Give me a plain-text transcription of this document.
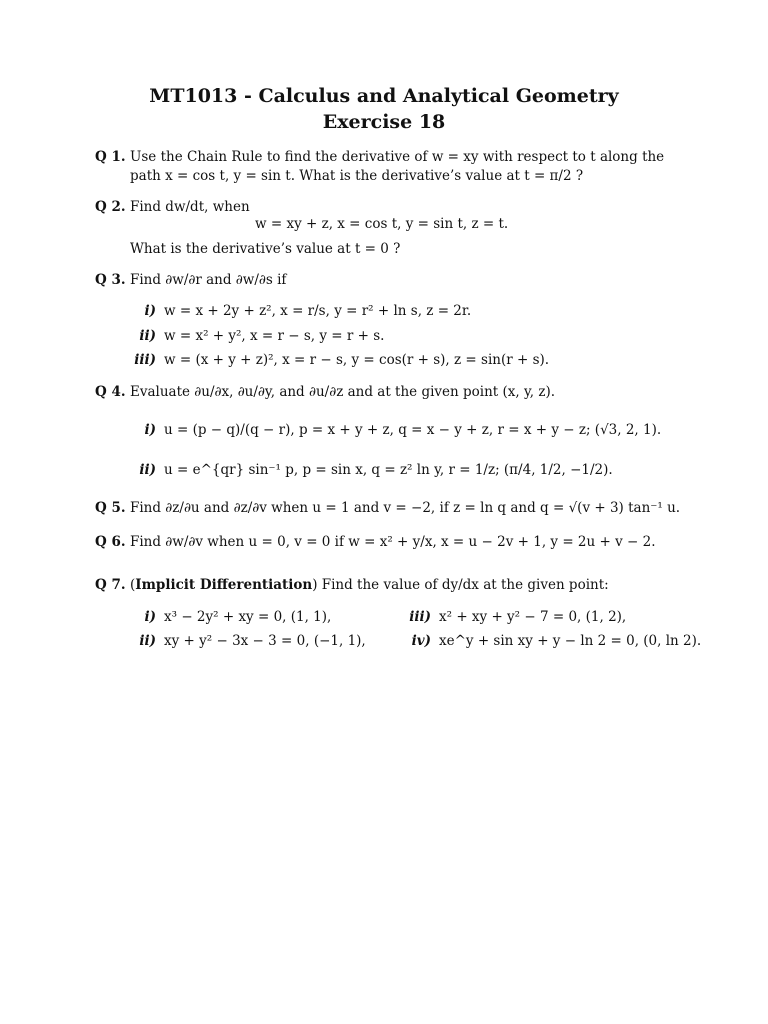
MT1013 - Calculus and Analytical Geometry
Exercise 18
Q 1. Use the Chain Rule to find the derivative of w = xy with respect to t along the
path x = cos t, y = sin t. What is the derivative’s value at t = π/2 ?
Q 2. Find dw/dt, when
w = xy + z, x = cos t, y = sin t, z = t.
What is the derivative’s value at t = 0 ?
Q 3. Find ∂w/∂r and ∂w/∂s if
i) w = x + 2y + z², x = r/s, y = r² + ln s, z = 2r.
ii) w = x² + y², x = r − s, y = r + s.
iii) w = (x + y + z)², x = r − s, y = cos(r + s), z = sin(r + s).
Q 4. Evaluate ∂u/∂x, ∂u/∂y, and ∂u/∂z and at the given point (x, y, z).
i) u = (p − q)/(q − r), p = x + y + z, q = x − y + z, r = x + y − z; (√3, 2, 1).
ii) u = e^{qr} sin⁻¹ p, p = sin x, q = z² ln y, r = 1/z; (π/4, 1/2, −1/2).
Q 5. Find ∂z/∂u and ∂z/∂v when u = 1 and v = −2, if z = ln q and q = √(v + 3) tan⁻¹ u.
Q 6. Find ∂w/∂v when u = 0, v = 0 if w = x² + y/x, x = u − 2v + 1, y = 2u + v − 2.
Q 7. (Implicit Differentiation) Find the value of dy/dx at the given point:
i) x³ − 2y² + xy = 0, (1, 1),	iii) x² + xy + y² − 7 = 0, (1, 2),
ii) xy + y² − 3x − 3 = 0, (−1, 1),	iv) xe^y + sin xy + y − ln 2 = 0, (0, ln 2).
